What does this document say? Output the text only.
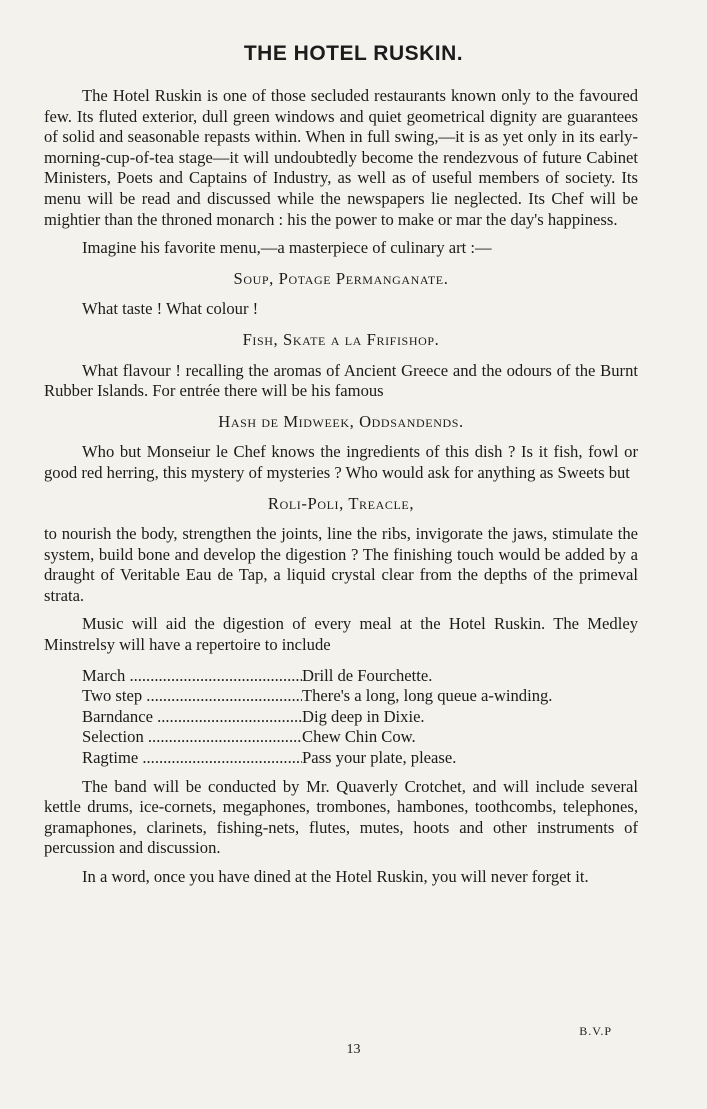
THE HOTEL RUSKIN.

The Hotel Ruskin is one of those secluded restaurants known only to the favoured few. Its fluted exterior, dull green windows and quiet geometrical dignity are guarantees of solid and seasonable repasts within. When in full swing,—it is as yet only in its early-morning-cup-of-tea stage—it will undoubtedly become the rendezvous of future Cabinet Ministers, Poets and Captains of Industry, as well as of useful members of society. Its menu will be read and discussed while the newspapers lie neglected. Its Chef will be mightier than the throned monarch : his the power to make or mar the day's happiness.

Imagine his favorite menu,—a masterpiece of culinary art :—

Soup, Potage Permanganate.

What taste ! What colour !

Fish, Skate a la Frifishop.

What flavour ! recalling the aromas of Ancient Greece and the odours of the Burnt Rubber Islands. For entrée there will be his famous

Hash de Midweek, Oddsandends.

Who but Monseiur le Chef knows the ingredients of this dish ? Is it fish, fowl or good red herring, this mystery of mysteries ? Who would ask for anything as Sweets but

Roli-Poli, Treacle,

to nourish the body, strengthen the joints, line the ribs, invigorate the jaws, stimulate the system, build bone and develop the digestion ? The finishing touch would be added by a draught of Veritable Eau de Tap, a liquid crystal clear from the depths of the primeval strata.

Music will aid the digestion of every meal at the Hotel Ruskin. The Medley Minstrelsy will have a repertoire to include

March .....	Drill de Fourchette.
Two step .....	There's a long, long queue a-winding.
Barndance .....	Dig deep in Dixie.
Selection .....	Chew Chin Cow.
Ragtime .....	Pass your plate, please.

The band will be conducted by Mr. Quaverly Crotchet, and will include several kettle drums, ice-cornets, megaphones, trombones, hambones, toothcombs, telephones, gramaphones, clarinets, fishing-nets, flutes, mutes, hoots and other instruments of percussion and discussion.

In a word, once you have dined at the Hotel Ruskin, you will never forget it.

B.V.P
13
